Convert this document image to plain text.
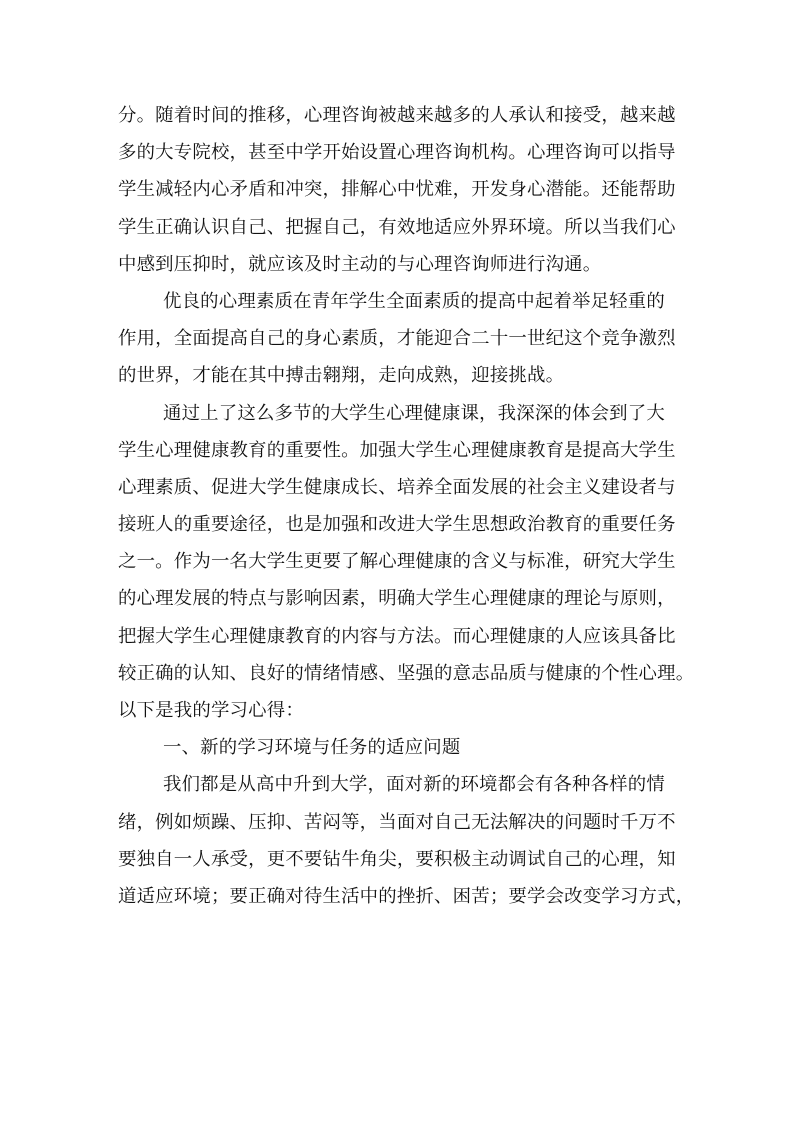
分。随着时间的推移，心理咨询被越来越多的人承认和接受，越来越
多的大专院校，甚至中学开始设置心理咨询机构。心理咨询可以指导
学生减轻内心矛盾和冲突，排解心中忧难，开发身心潜能。还能帮助
学生正确认识自己、把握自己，有效地适应外界环境。所以当我们心
中感到压抑时，就应该及时主动的与心理咨询师进行沟通。

优良的心理素质在青年学生全面素质的提高中起着举足轻重的
作用，全面提高自己的身心素质，才能迎合二十一世纪这个竞争激烈
的世界，才能在其中搏击翱翔，走向成熟，迎接挑战。

通过上了这么多节的大学生心理健康课，我深深的体会到了大
学生心理健康教育的重要性。加强大学生心理健康教育是提高大学生
心理素质、促进大学生健康成长、培养全面发展的社会主义建设者与
接班人的重要途径，也是加强和改进大学生思想政治教育的重要任务
之一。作为一名大学生更要了解心理健康的含义与标准，研究大学生
的心理发展的特点与影响因素，明确大学生心理健康的理论与原则，
把握大学生心理健康教育的内容与方法。而心理健康的人应该具备比
较正确的认知、良好的情绪情感、坚强的意志品质与健康的个性心理。
以下是我的学习心得：

一、新的学习环境与任务的适应问题

我们都是从高中升到大学，面对新的环境都会有各种各样的情
绪，例如烦躁、压抑、苦闷等，当面对自己无法解决的问题时千万不
要独自一人承受，更不要钻牛角尖，要积极主动调试自己的心理，知
道适应环境；要正确对待生活中的挫折、困苦；要学会改变学习方式，
